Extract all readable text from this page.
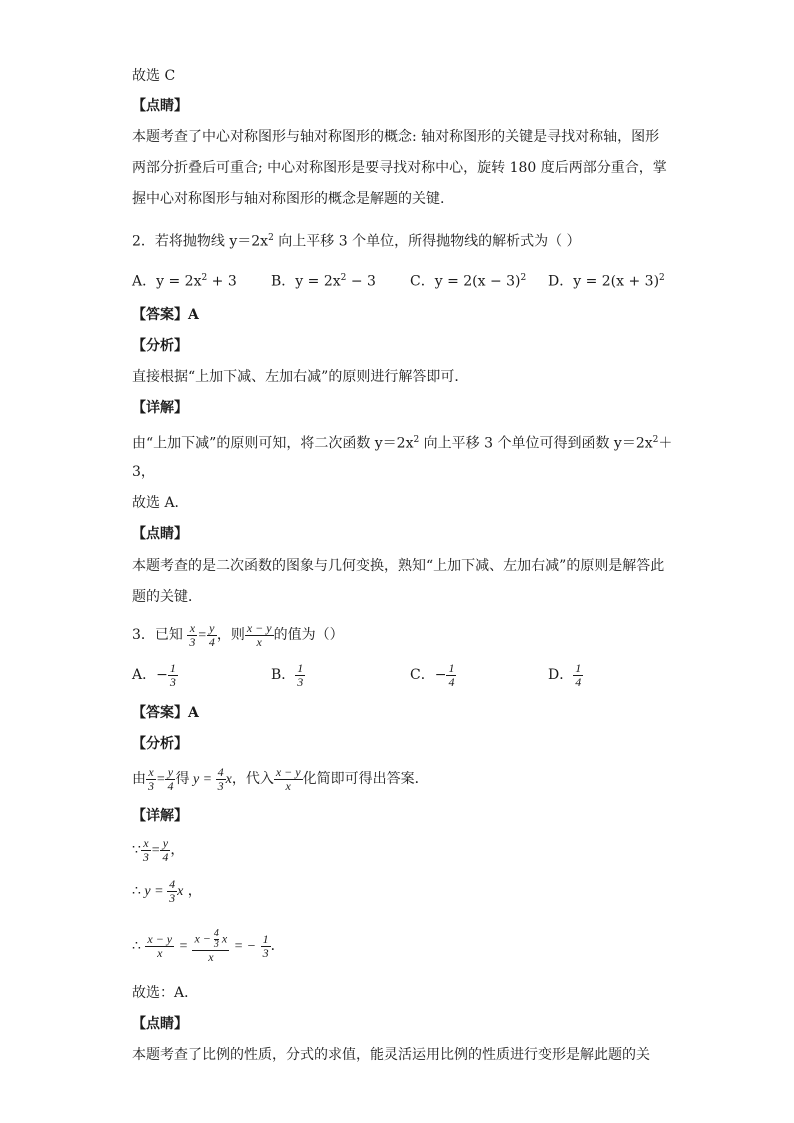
故选 C
【点睛】
本题考查了中心对称图形与轴对称图形的概念: 轴对称图形的关键是寻找对称轴，图形
两部分折叠后可重合; 中心对称图形是要寻找对称中心，旋转 180 度后两部分重合，掌
握中心对称图形与轴对称图形的概念是解题的关键.
2．若将抛物线 $y=2x^2$ 向上平移 3 个单位，所得抛物线的解析式为（ ）
A．$y = 2x^2 + 3$ B．$y = 2x^2 - 3$ C．$y = 2(x - 3)^2$ D．$y = 2(x + 3)^2$
【答案】A
【分析】
直接根据“上加下减、左加右减”的原则进行解答即可．
【详解】
由“上加下减”的原则可知，将二次函数 $y=2x^2$ 向上平移 3 个单位可得到函数 $y=2x^2+$
3，
故选 A．
【点睛】
本题考查的是二次函数的图象与几何变换，熟知“上加下减、左加右减”的原则是解答此
题的关键．
3．已知 $\frac{x}{3} = \frac{y}{4}$ ，则 $\frac{x - y}{x}$ 的值为（）
A．− $\frac{1}{3}$	B． $\frac{1}{3}$	C．− $\frac{1}{4}$	D． $\frac{1}{4}$
【答案】A
【分析】
由 $\frac{x}{3} = \frac{y}{4}$ 得 $y = \frac{4}{3}$ x，代入 $\frac{x - y}{x}$ 化简即可得出答案．
【详解】
∵ $\frac{x}{3} = \frac{y}{4}$ ，
∴ $y = \frac{4}{3}$ x ，
∴ $\frac{x - y}{x} = \frac{x - \frac{4}{3} x}{x}$ = − $\frac{1}{3}$ ．
故选：A．
【点睛】
本题考查了比例的性质，分式的求值，能灵活运用比例的性质进行变形是解此题的关
